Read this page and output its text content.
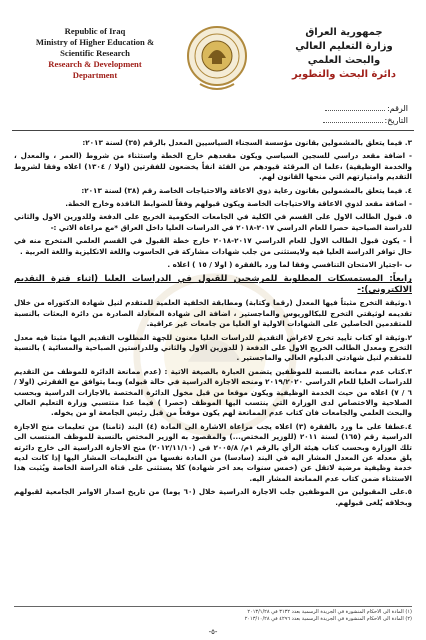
Republic of Iraq
Ministry of Higher Education &
Scientific Research
Research & Development
Department
جمهورية العراق
وزارة التعليم العالي والبحث العلمي
دائرة البحث والتطوير
الرقم:
التاريخ:

۳. فيما يتعلق بالمشمولين بقانون مؤسسة السجناء السياسيين المعدل بالرقم (۳٥) لسنة ۲۰۱۳:

- اضافة مقعد دراسي للسجين السياسي ويكون مقعدهم خارج الخطة واستثناء من شروط (العمر ، والمعدل ، والخدمة الوظيفية) ،علما ان المرقئة قيودهم من الفئة انفاً يخضعون للفقرتين (اولا / ۱۳۰٤) اعلاه وفقا لشروط التقديم وامتيازتهم التي منحها القانون لهم.

٤. فيما يتعلق بالمشمولين بقانون رعاية ذوي الاعاقة والاحتياجات الخاصة رقم (۳۸) لسنة ۲۰۱۳:

- اضافة مقعد لذوي الاعاقة والاحتياجات الخاصة ويكون قبولهم وفقاً للضوابط النافذة وخارج الخطة.

٥. قبول الطالب الاول على القسم في الكلية في الجامعات الحكومية الخريج على الدفعة وللدورين الاول والثاني للدراسة الصباحية حصرا للعام الدراسي ۲۰۱۷-۲۰۱۸ في الدراسات العليا داخل العراق *مع مراعاة الاتي :-

أ - يكون قبول الطالب الاول للعام الدراسي ۲۰۱۷-۲۰۱۸ خارج خطة القبول في القسم العلمي المتخرج منه في حال توافر الدراسة العليا فيه ولايستثنى من جلب شهادات مشاركة في الحاسوب واللغة الانكليزية واللغة العربية .

ب -اجتياز الامتحان التنافسي وفقا لما ورد بالفقرة ( اولا / ۱٥ ) اعلاه .

رابعاً: المستمسكات المطلوبة للمرشحين للقبول في الدراسات العليا (اثناء فترة التقديم الالكتروني):-

۱.وثيقة التخرج مثبتاً فيها المعدل (رقما وكتابة) ومطابقة الخلفية العلمية للمتقدم لنيل شهادة الدكتوراه من خلال تقديمه لوثيقتي التخرج للبكالوريوس والماجستير ، اضافة الى شهادة المعادلة الصادرة من دائرة البعثات بالنسبة للمتقدمين الحاصلين على الشهادات الاولية او العليا من جامعات غير عراقية.

۲.وثيقة او كتاب تأييد تخرج لاغراض التقديم للدراسات العليا معنون للجهة المطلوب التقديم اليها مثبتا فيه معدل التخرج ومعدل الطالب الخريج الاول على الدفعة ( للدورين الاول والثاني وللدراستين الصباحية والمسائية ) بالنسبة للمتقدم لنيل شهادتي الدبلوم العالي والماجستير .

۳.كتاب عدم ممانعة بالنسبة للموظفين يتضمن العبارة بالصيغة الاتية : (عدم ممانعة الدائرة للموظف من التقديم للدراسات العليا للعام الدراسي ۲۰۱۹/۲۰۲۰ ومنحه الاجازة الدراسية في حالة قبوله) وبما يتوافق مع الفقرتي (اولا / ٦ / ۷) اعلاه من حيث الخدمة الوظيفية ويكون موقعا من قبل مخول الدائرة المختصة بالاجازات الدراسية وبحسب الصلاحية والاختصاص لدى الوزارة التي ينتسب اليها الموظف (حصرا ) فيما عدا منتسبي وزارة التعليم العالي والبحث العلمي والجامعات فان كتاب عدم الممانعة لهم يكون موقعاً من قبل رئيس الجامعة او من يخوله.

٤.عطفا على ما ورد بالفقرة (۳) اعلاه يجب مراعاة الاشارة الى المادة (٤) البند (ثامنا) من تعليمات منح الاجازة الدراسية رقم (۱٦٥) لسنة ۲۰۱۱ (للوزير المختص...) والمقصود به الوزير المختص بالنسبة للموظف المنتسب الى تلك الوزارة وبحسب كتاب هيئة الرأي بالرقم ۱م/ ۲۰۰٥/۸ في (۲۰۱۲/۱۱/۱۰) منح الاجازة الدراسية الى خارج دائرته يلق معدله عن المعدل المشار اليه في البند (سادسا) من المادة نفسها من التعليمات المشار اليها إذا كانت لديه خدمة وظيفية مرضية لاتقل عن (خمس سنوات بعد اخر شهادة) كلا يستثنى على قناة الدراسة الخاصة ويُثبت هذا الاستثناء ضمن كتاب عدم الممانعة المشار اليه.

٥.على المقبولين من الموظفين جلب الاجازة الدراسية خلال (٦٠ يوما) من تاريخ اصدار الاوامر الجامعية لقبولهم وبخلافه يُلغى قبولهم.

(۱) المادة الى الاحكام المنشورة في الجريدة الرسمية بعدد ۳۱۳۲ في ۲۰۱۳/۱/۲۸
(۲) المادة الى الاحكام المنشورة في الجريدة الرسمية بعدد ٤۲۹٦ في ۲۰۱۳/۱۰/۲۸
-٥-
